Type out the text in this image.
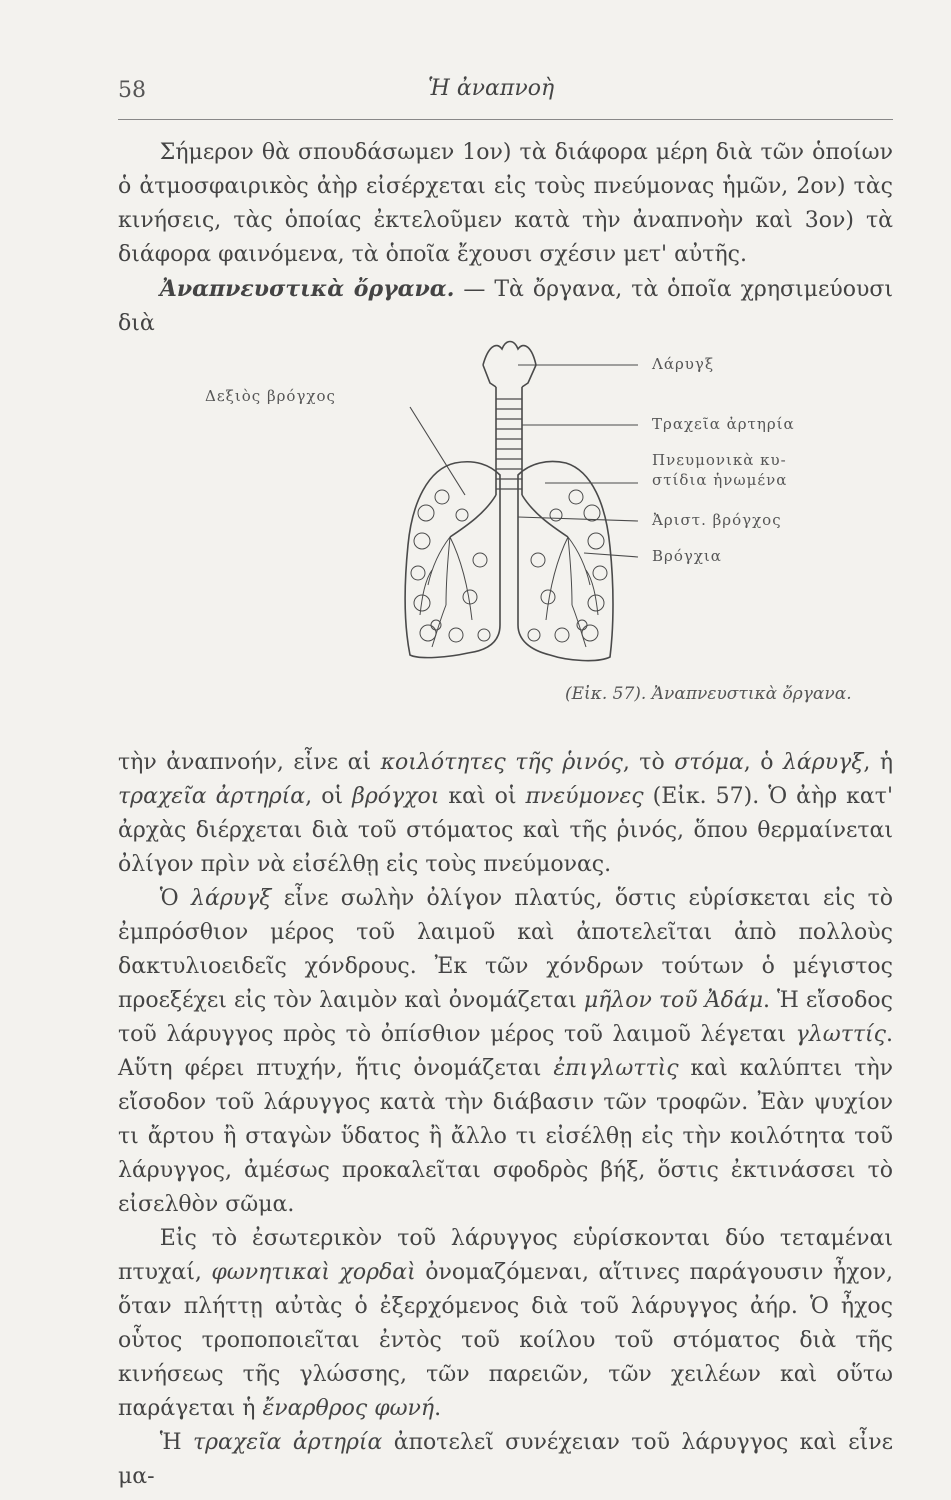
58	Ἡ ἀναπνοὴ

Σήμερον θὰ σπουδάσωμεν 1ον) τὰ διάφορα μέρη διὰ τῶν ὁποίων ὁ ἀτμοσφαιρικὸς ἀὴρ εἰσέρχεται εἰς τοὺς πνεύμονας ἡμῶν, 2ον) τὰς κινήσεις, τὰς ὁποίας ἐκτελοῦμεν κατὰ τὴν ἀναπνοὴν καὶ 3ον) τὰ διάφορα φαινόμενα, τὰ ὁποῖα ἔχουσι σχέσιν μετ' αὐτῆς.

Ἀναπνευστικὰ ὄργανα. — Τὰ ὄργανα, τὰ ὁποῖα χρησιμεύουσι διὰ

Δεξιὸς βρόγχος
Λάρυγξ
Τραχεῖα ἀρτηρία
Πνευμονικὰ κυ-
στίδια ἡνωμένα
Ἀριστ. βρόγχος
Βρόγχια
(Εἰκ. 57). Ἀναπνευστικὰ ὄργανα.

τὴν ἀναπνοήν, εἶνε αἱ κοιλότητες τῆς ῥινός, τὸ στόμα, ὁ λάρυγξ, ἡ τραχεῖα ἀρτηρία, οἱ βρόγχοι καὶ οἱ πνεύμονες (Εἰκ. 57). Ὁ ἀὴρ κατ' ἀρχὰς διέρχεται διὰ τοῦ στόματος καὶ τῆς ῥινός, ὅπου θερμαίνεται ὀλίγον πρὶν νὰ εἰσέλθῃ εἰς τοὺς πνεύμονας.

Ὁ λάρυγξ εἶνε σωλὴν ὀλίγον πλατύς, ὅστις εὑρίσκεται εἰς τὸ ἐμπρόσθιον μέρος τοῦ λαιμοῦ καὶ ἀποτελεῖται ἀπὸ πολλοὺς δακτυλιοειδεῖς χόνδρους. Ἐκ τῶν χόνδρων τούτων ὁ μέγιστος προεξέχει εἰς τὸν λαιμὸν καὶ ὀνομάζεται μῆλον τοῦ Ἀδάμ. Ἡ εἴσοδος τοῦ λάρυγγος πρὸς τὸ ὀπίσθιον μέρος τοῦ λαιμοῦ λέγεται γλωττίς. Αὕτη φέρει πτυχήν, ἥτις ὀνομάζεται ἐπιγλωττὶς καὶ καλύπτει τὴν εἴσοδον τοῦ λάρυγγος κατὰ τὴν διάβασιν τῶν τροφῶν. Ἐὰν ψυχίον τι ἄρτου ἢ σταγὼν ὕδατος ἢ ἄλλο τι εἰσέλθῃ εἰς τὴν κοιλότητα τοῦ λάρυγγος, ἀμέσως προκαλεῖται σφοδρὸς βήξ, ὅστις ἐκτινάσσει τὸ εἰσελθὸν σῶμα.

Εἰς τὸ ἐσωτερικὸν τοῦ λάρυγγος εὑρίσκονται δύο τεταμέναι πτυχαί, φωνητικαὶ χορδαὶ ὀνομαζόμεναι, αἵτινες παράγουσιν ἦχον, ὅταν πλήττῃ αὐτὰς ὁ ἐξερχόμενος διὰ τοῦ λάρυγγος ἀήρ. Ὁ ἦχος οὗτος τροποποιεῖται ἐντὸς τοῦ κοίλου τοῦ στόματος διὰ τῆς κινήσεως τῆς γλώσσης, τῶν παρειῶν, τῶν χειλέων καὶ οὕτω παράγεται ἡ ἔναρθρος φωνή.

Ἡ τραχεῖα ἀρτηρία ἀποτελεῖ συνέχειαν τοῦ λάρυγγος καὶ εἶνε μα-
